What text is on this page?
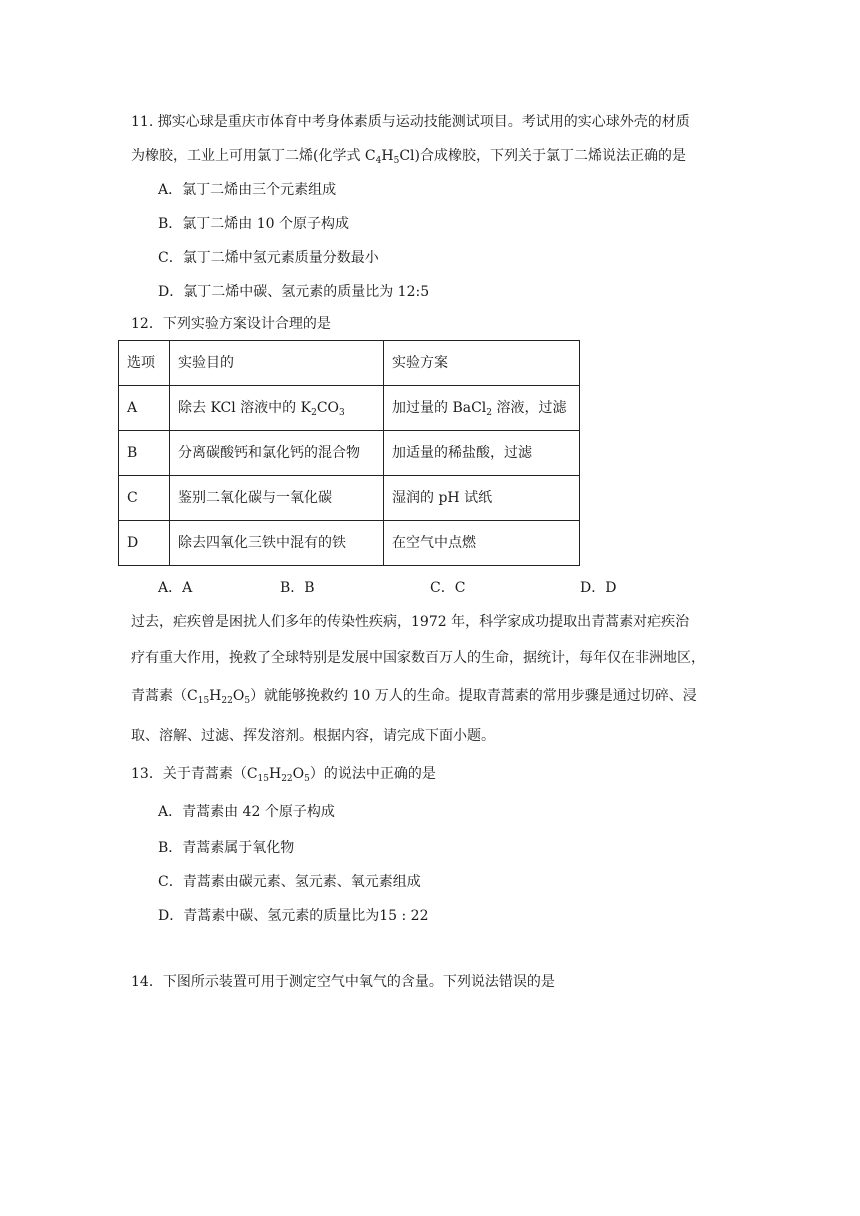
11. 掷实心球是重庆市体育中考身体素质与运动技能测试项目。考试用的实心球外壳的材质
为橡胶，工业上可用氯丁二烯(化学式 $C_4H_5Cl$)合成橡胶，下列关于氯丁二烯说法正确的是
A．氯丁二烯由三个元素组成
B．氯丁二烯由 10 个原子构成
C．氯丁二烯中氢元素质量分数最小
D．氯丁二烯中碳、氢元素的质量比为 12:5
12．下列实验方案设计合理的是
选项	实验目的	实验方案
A	除去 KCl 溶液中的 $K_2CO_3$	加过量的 BaCl$_2$ 溶液，过滤
B	分离碳酸钙和氯化钙的混合物	加适量的稀盐酸，过滤
C	鉴别二氧化碳与一氧化碳	湿润的 pH 试纸
D	除去四氧化三铁中混有的铁	在空气中点燃
A．A	B．B	C．C	D．D
过去，疟疾曾是困扰人们多年的传染性疾病，1972 年，科学家成功提取出青蒿素对疟疾治
疗有重大作用，挽救了全球特别是发展中国家数百万人的生命，据统计，每年仅在非洲地区，
青蒿素$(C_{15}H_{22}O_5)$就能够挽救约 10 万人的生命。提取青蒿素的常用步骤是通过切碎、浸
取、溶解、过滤、挥发溶剂。根据内容，请完成下面小题。
13．关于青蒿素$(C_{15}H_{22}O_5)$的说法中正确的是
A．青蒿素由 42 个原子构成
B．青蒿素属于氧化物
C．青蒿素由碳元素、氢元素、氧元素组成
D．青蒿素中碳、氢元素的质量比为15 : 22
14．下图所示装置可用于测定空气中氧气的含量。下列说法错误的是
